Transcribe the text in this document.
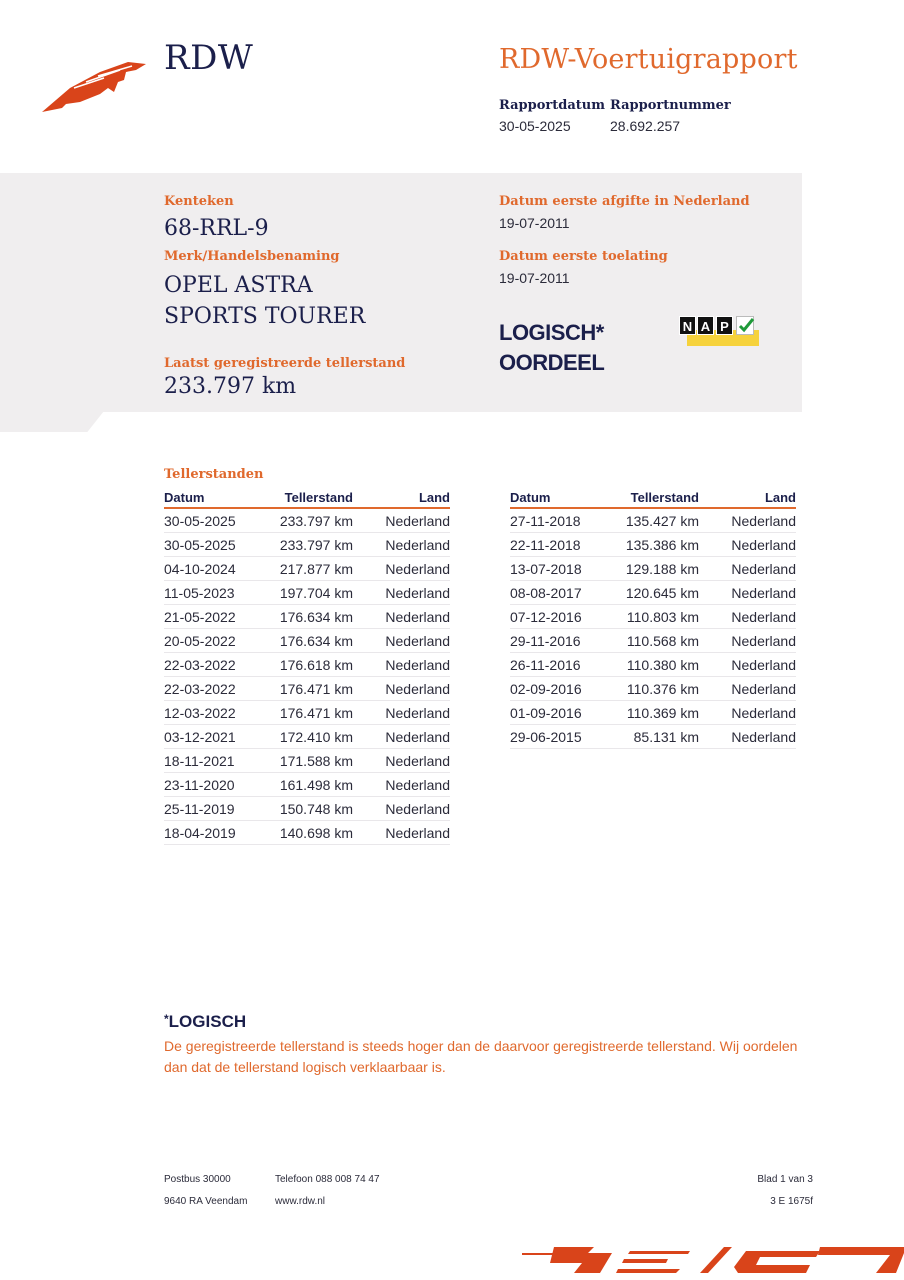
RDW	RDW-Voertuigrapport
Rapportdatum
30-05-2025
Rapportnummer
28.692.257
Kenteken
68-RRL-9
Merk/Handelsbenaming
OPEL ASTRA
SPORTS TOURER
Laatst geregistreerde tellerstand
233.797 km
Datum eerste afgifte in Nederland
19-07-2011
Datum eerste toelating
19-07-2011
LOGISCH*
OORDEEL
N A P
Tellerstanden
Datum	Tellerstand	Land
30-05-2025	233.797 km	Nederland
30-05-2025	233.797 km	Nederland
04-10-2024	217.877 km	Nederland
11-05-2023	197.704 km	Nederland
21-05-2022	176.634 km	Nederland
20-05-2022	176.634 km	Nederland
22-03-2022	176.618 km	Nederland
22-03-2022	176.471 km	Nederland
12-03-2022	176.471 km	Nederland
03-12-2021	172.410 km	Nederland
18-11-2021	171.588 km	Nederland
23-11-2020	161.498 km	Nederland
25-11-2019	150.748 km	Nederland
18-04-2019	140.698 km	Nederland
Datum	Tellerstand	Land
27-11-2018	135.427 km	Nederland
22-11-2018	135.386 km	Nederland
13-07-2018	129.188 km	Nederland
08-08-2017	120.645 km	Nederland
07-12-2016	110.803 km	Nederland
29-11-2016	110.568 km	Nederland
26-11-2016	110.380 km	Nederland
02-09-2016	110.376 km	Nederland
01-09-2016	110.369 km	Nederland
29-06-2015	85.131 km	Nederland
*LOGISCH
De geregistreerde tellerstand is steeds hoger dan de daarvoor geregistreerde tellerstand. Wij oordelen dan dat de tellerstand logisch verklaarbaar is.
Postbus 30000
9640 RA Veendam
Telefoon 088 008 74 47
www.rdw.nl
Blad 1 van 3
3 E 1675f
